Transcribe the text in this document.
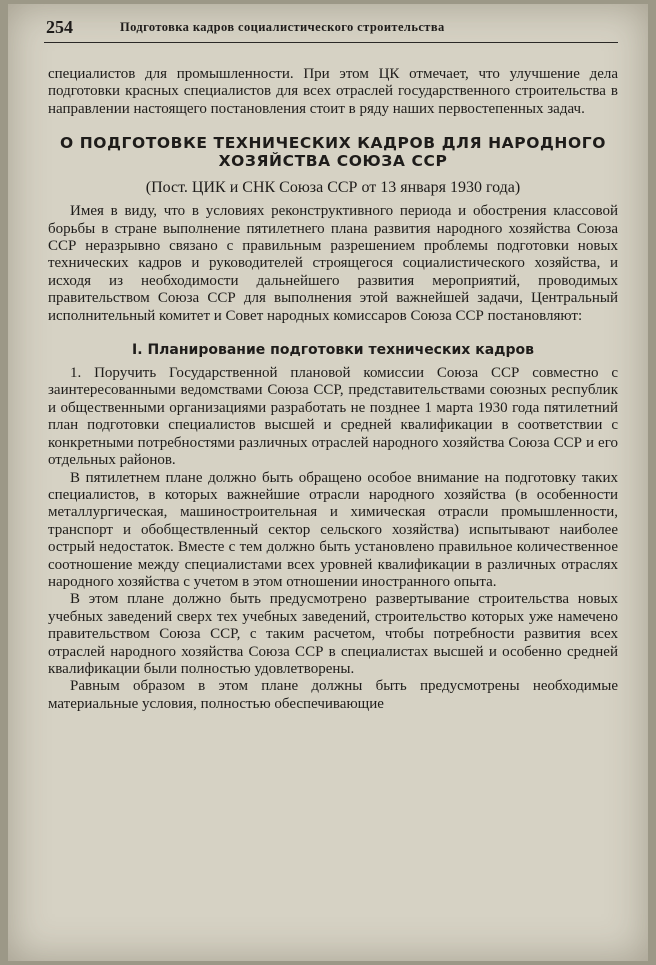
254	Подготовка кадров социалистического строительства

специалистов для промышленности. При этом ЦК отмечает, что улучшение дела подготовки красных специалистов для всех отраслей государственного строительства в направлении настоящего постановления стоит в ряду наших первостепенных задач.

О ПОДГОТОВКЕ ТЕХНИЧЕСКИХ КАДРОВ ДЛЯ НАРОДНОГО ХОЗЯЙСТВА СОЮЗА ССР
(Пост. ЦИК и СНК Союза ССР от 13 января 1930 года)

Имея в виду, что в условиях реконструктивного периода и обострения классовой борьбы в стране выполнение пятилетнего плана развития народного хозяйства Союза ССР неразрывно связано с правильным разрешением проблемы подготовки новых технических кадров и руководителей строящегося социалистического хозяйства, и исходя из необходимости дальнейшего развития мероприятий, проводимых правительством Союза ССР для выполнения этой важнейшей задачи, Центральный исполнительный комитет и Совет народных комиссаров Союза ССР постановляют:

I. Планирование подготовки технических кадров

1. Поручить Государственной плановой комиссии Союза ССР совместно с заинтересованными ведомствами Союза ССР, представительствами союзных республик и общественными организациями разработать не позднее 1 марта 1930 года пятилетний план подготовки специалистов высшей и средней квалификации в соответствии с конкретными потребностями различных отраслей народного хозяйства Союза ССР и его отдельных районов.

В пятилетнем плане должно быть обращено особое внимание на подготовку таких специалистов, в которых важнейшие отрасли народного хозяйства (в особенности металлургическая, машиностроительная и химическая отрасли промышленности, транспорт и обобществленный сектор сельского хозяйства) испытывают наиболее острый недостаток. Вместе с тем должно быть установлено правильное количественное соотношение между специалистами всех уровней квалификации в различных отраслях народного хозяйства с учетом в этом отношении иностранного опыта.

В этом плане должно быть предусмотрено развертывание строительства новых учебных заведений сверх тех учебных заведений, строительство которых уже намечено правительством Союза ССР, с таким расчетом, чтобы потребности развития всех отраслей народного хозяйства Союза ССР в специалистах высшей и особенно средней квалификации были полностью удовлетворены.

Равным образом в этом плане должны быть предусмотрены необходимые материальные условия, полностью обеспечивающие
